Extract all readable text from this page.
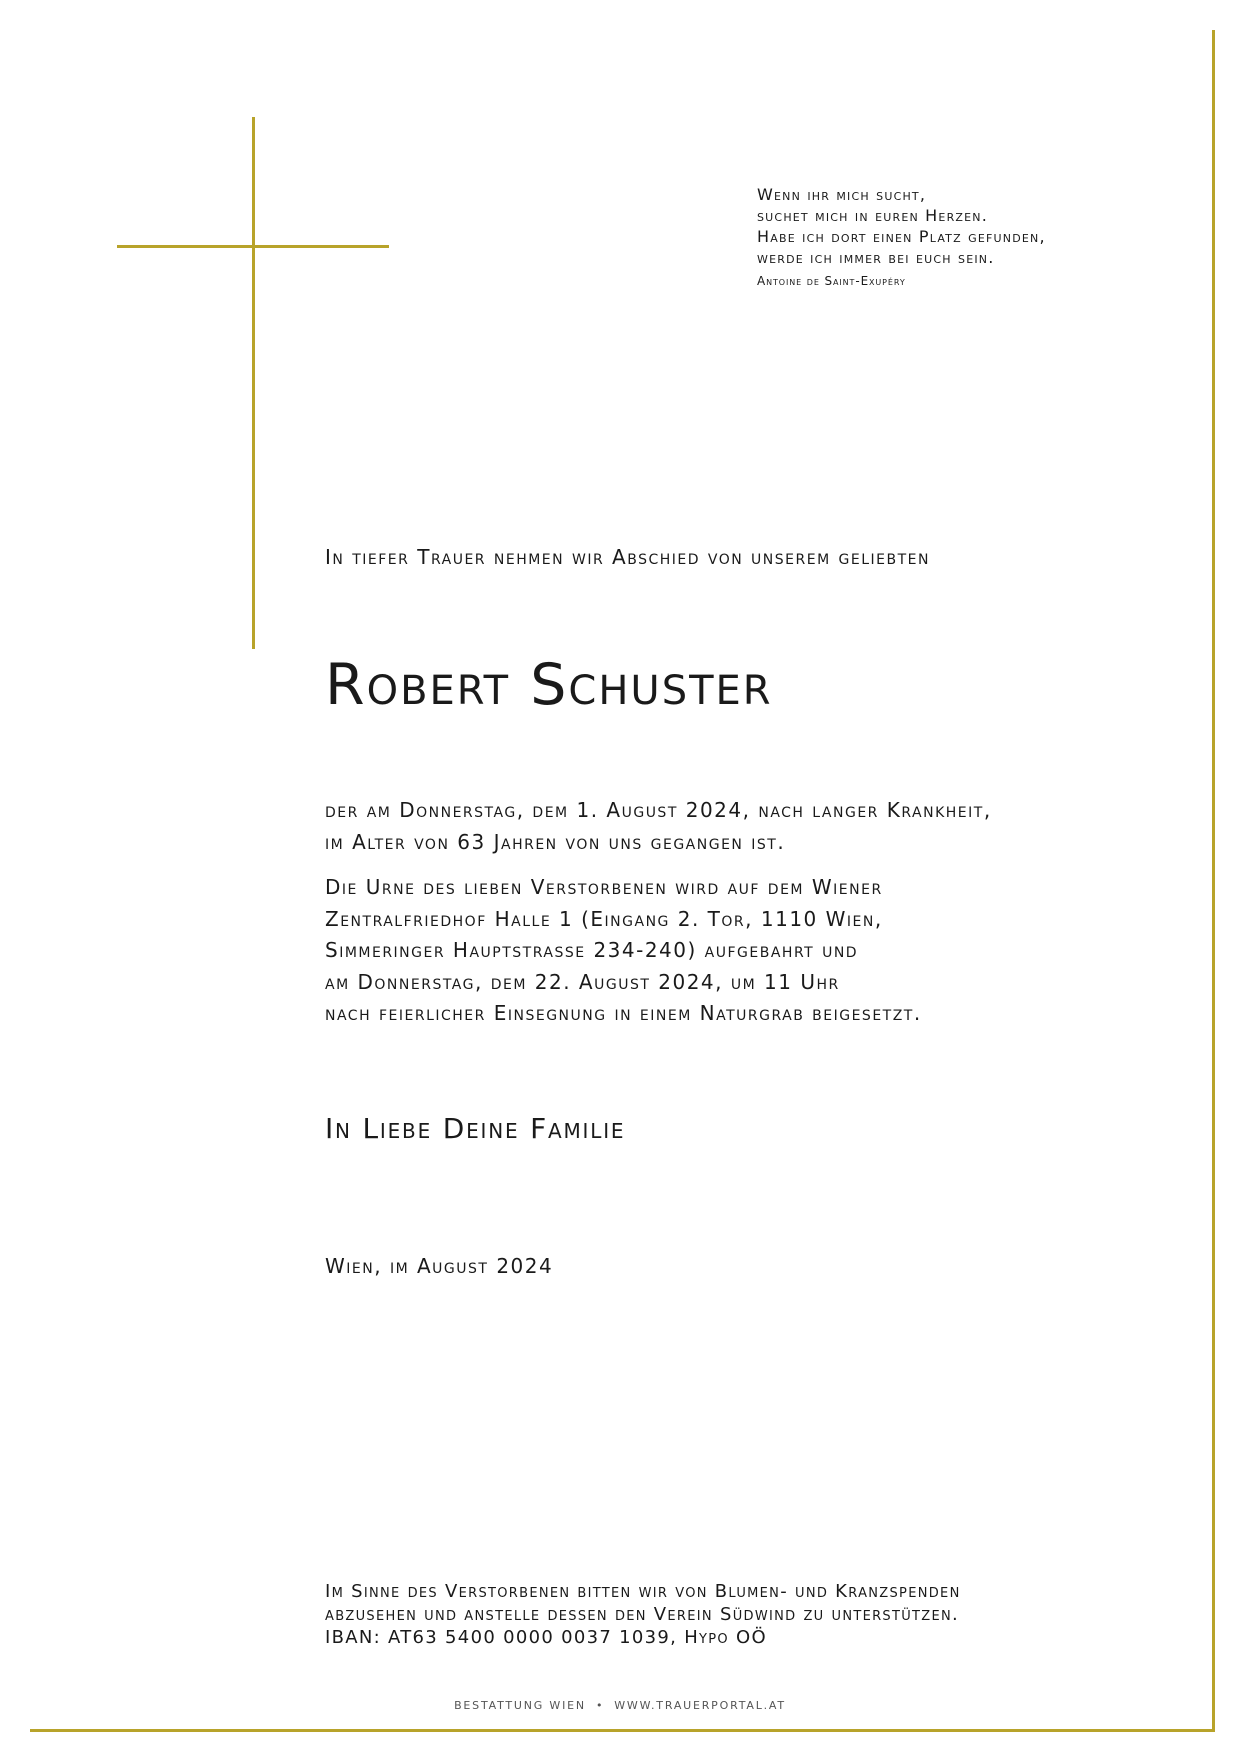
Wenn ihr mich sucht,
suchet mich in euren Herzen.
Habe ich dort einen Platz gefunden,
werde ich immer bei euch sein.
Antoine de Saint-Exupéry
In tiefer Trauer nehmen wir Abschied von unserem geliebten
Robert Schuster
der am Donnerstag, dem 1. August 2024, nach langer Krankheit,
im Alter von 63 Jahren von uns gegangen ist.
Die Urne des lieben Verstorbenen wird auf dem Wiener
Zentralfriedhof Halle 1 (Eingang 2. Tor, 1110 Wien,
Simmeringer Hauptstrasse 234-240) aufgebahrt und
am Donnerstag, dem 22. August 2024, um 11 Uhr
nach feierlicher Einsegnung in einem Naturgrab beigesetzt.
In Liebe Deine Familie
Wien, im August 2024
Im Sinne des Verstorbenen bitten wir von Blumen- und Kranzspenden
abzusehen und anstelle dessen den Verein Südwind zu unterstützen.
IBAN: AT63 5400 0000 0037 1039, Hypo OÖ
BESTATTUNG WIEN • WWW.TRAUERPORTAL.AT
